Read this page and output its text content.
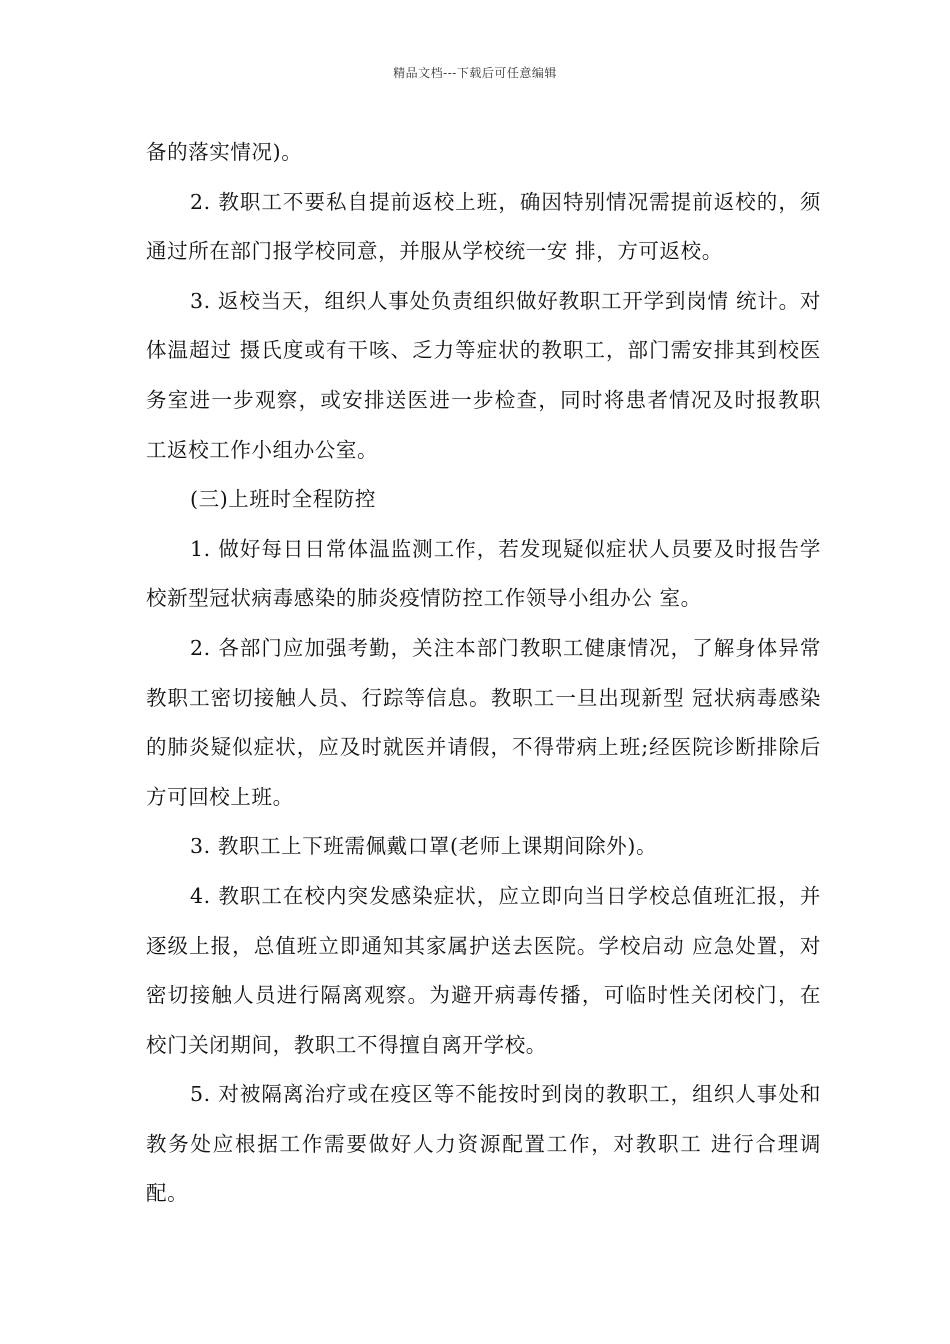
精品文档---下载后可任意编辑

备的落实情况)。

2. 教职工不要私自提前返校上班，确因特别情况需提前返校的，须通过所在部门报学校同意，并服从学校统一安 排，方可返校。

3. 返校当天，组织人事处负责组织做好教职工开学到岗情 统计。对体温超过 摄氏度或有干咳、乏力等症状的教职工，部门需安排其到校医务室进一步观察，或安排送医进一步检查，同时将患者情况及时报教职工返校工作小组办公室。

(三)上班时全程防控

1. 做好每日日常体温监测工作，若发现疑似症状人员要及时报告学校新型冠状病毒感染的肺炎疫情防控工作领导小组办公 室。

2. 各部门应加强考勤，关注本部门教职工健康情况，了解身体异常教职工密切接触人员、行踪等信息。教职工一旦出现新型 冠状病毒感染的肺炎疑似症状，应及时就医并请假，不得带病上班;经医院诊断排除后方可回校上班。

3. 教职工上下班需佩戴口罩(老师上课期间除外)。

4. 教职工在校内突发感染症状，应立即向当日学校总值班汇报，并逐级上报，总值班立即通知其家属护送去医院。学校启动 应急处置，对密切接触人员进行隔离观察。为避开病毒传播，可临时性关闭校门，在校门关闭期间，教职工不得擅自离开学校。

5. 对被隔离治疗或在疫区等不能按时到岗的教职工，组织人事处和教务处应根据工作需要做好人力资源配置工作，对教职工 进行合理调配。
